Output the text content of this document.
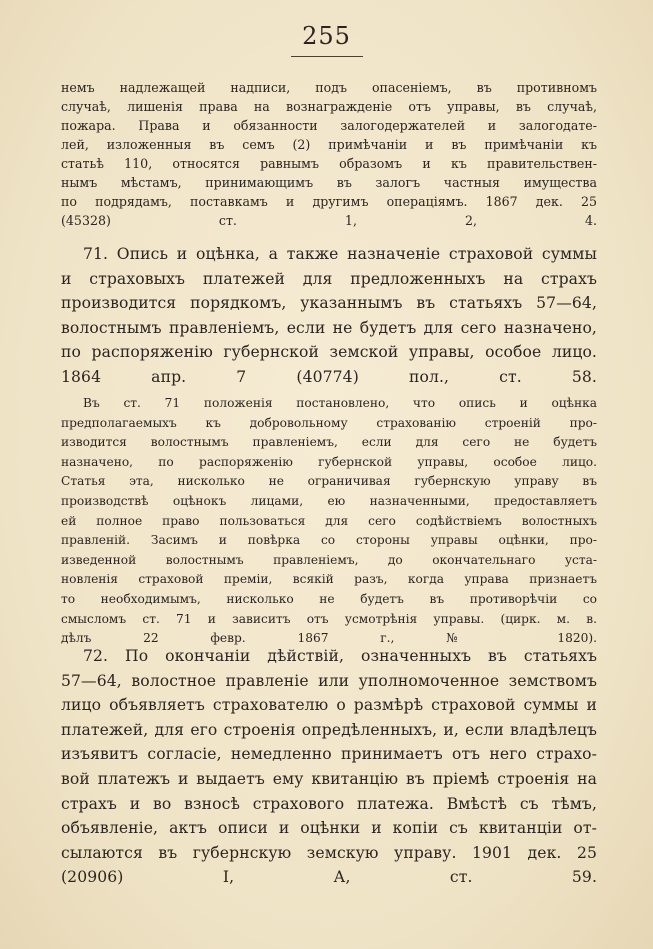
255
немъ надлежащей надписи, подъ опасеніемъ, въ противномъ
случаѣ, лишенія права на вознагражденіе отъ управы, въ случаѣ,
пожара. Права и обязанности залогодержателей и залогодате-
лей, изложенныя въ семъ (2) примѣчаніи и въ примѣчаніи къ
статьѣ 110, относятся равнымъ образомъ и къ правительствен-
нымъ мѣстамъ, принимающимъ въ залогъ частныя имущества
по подрядамъ, поставкамъ и другимъ операціямъ. 1867 дек. 25
(45328) ст. 1, 2, 4.
71. Опись и оцѣнка, а также назначеніе страховой суммы
и страховыхъ платежей для предложенныхъ на страхъ
производится порядкомъ, указаннымъ въ статьяхъ 57—64,
волостнымъ правленіемъ, если не будетъ для сего назначено,
по распоряженію губернской земской управы, особое лицо.
1864 апр. 7 (40774) пол., ст. 58.
Въ ст. 71 положенія постановлено, что опись и оцѣнка
предполагаемыхъ къ добровольному страхованію строеній про-
изводится волостнымъ правленіемъ, если для сего не будетъ
назначено, по распоряженію губернской управы, особое лицо.
Статья эта, нисколько не ограничивая губернскую управу въ
производствѣ оцѣнокъ лицами, ею назначенными, предоставляетъ
ей полное право пользоваться для сего содѣйствіемъ волостныхъ
правленій. Засимъ и повѣрка со стороны управы оцѣнки, про-
изведенной волостнымъ правленіемъ, до окончательнаго уста-
новленія страховой преміи, всякій разъ, когда управа признаетъ
то необходимымъ, нисколько не будетъ въ противорѣчіи со
смысломъ ст. 71 и зависитъ отъ усмотрѣнія управы. (цирк. м. в.
дѣлъ 22 февр. 1867 г., № 1820).
72. По окончаніи дѣйствій, означенныхъ въ статьяхъ
57—64, волостное правленіе или уполномоченное земствомъ
лицо объявляетъ страхователю о размѣрѣ страховой суммы и
платежей, для его строенія опредѣленныхъ, и, если владѣлецъ
изъявитъ согласіе, немедленно принимаетъ отъ него страхо-
вой платежъ и выдаетъ ему квитанцію въ пріемѣ строенія на
страхъ и во взносѣ страхового платежа. Вмѣстѣ съ тѣмъ,
объявленіе, актъ описи и оцѣнки и копіи съ квитанціи от-
сылаются въ губернскую земскую управу. 1901 дек. 25
(20906) I, А, ст. 59.
